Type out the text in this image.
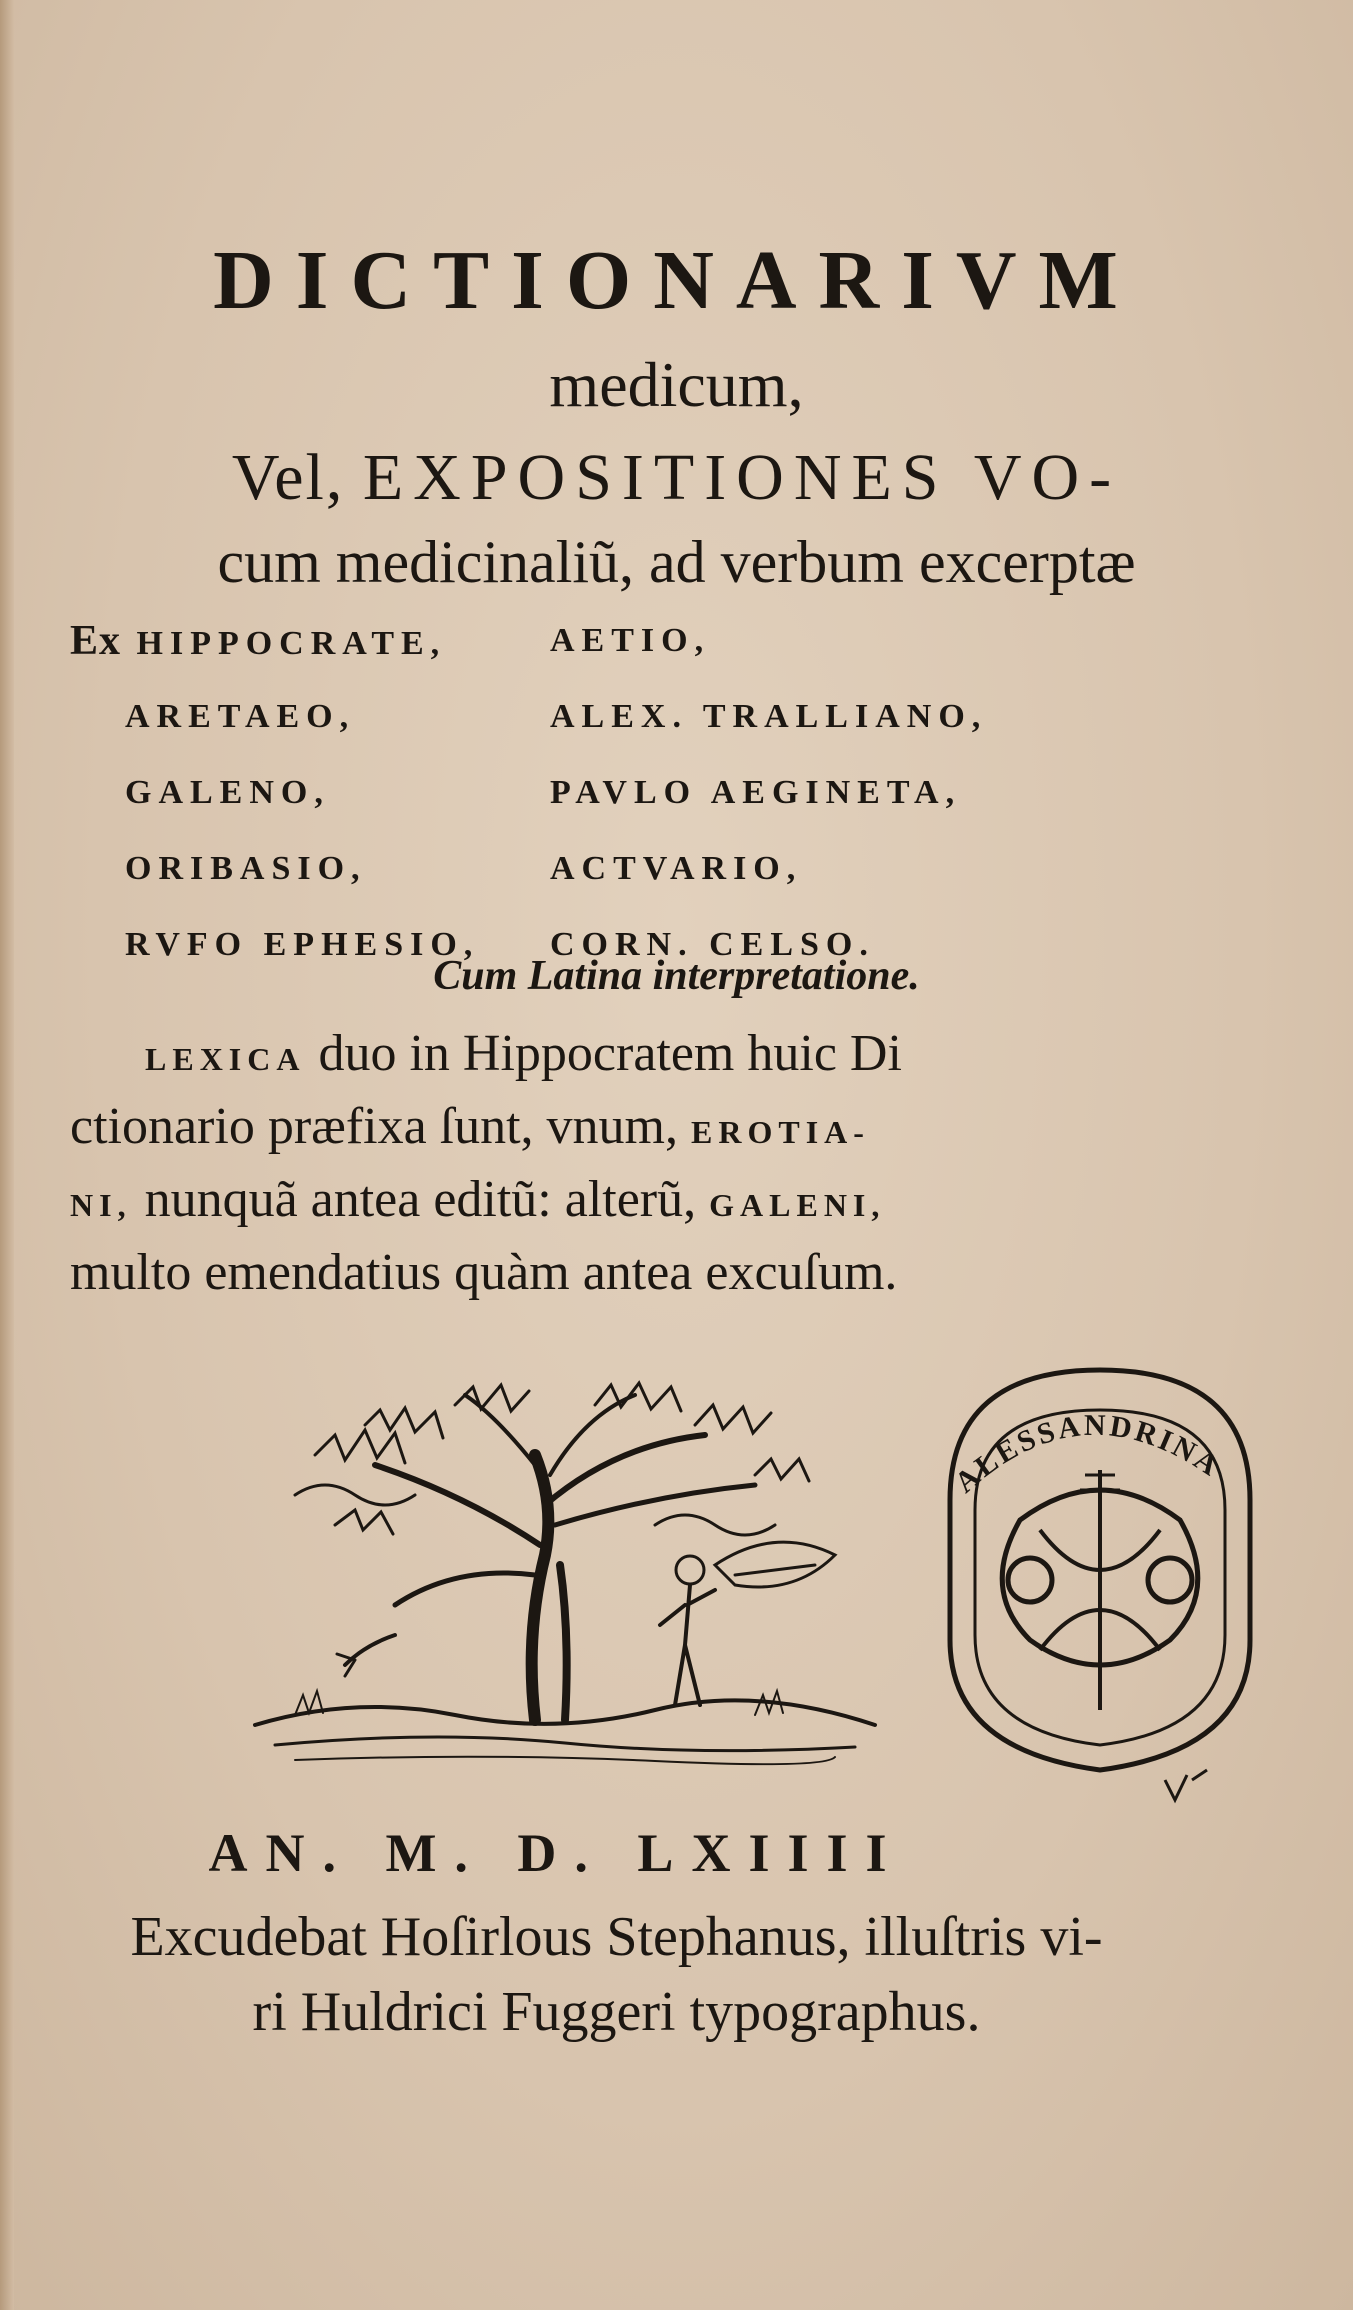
DICTIONARIVM
medicum,
Vel, EXPOSITIONES VO-
cum medicinaliũ, ad verbum excerptæ
Ex HIPPOCRATE,	AETIO,
ARETAEO,	ALEX. TRALLIANO,
GALENO,	PAVLO AEGINETA,
ORIBASIO,	ACTVARIO,
RVFO EPHESIO,	CORN. CELSO.
Cum Latina interpretatione.
LEXICA duo in Hippocratem huic Di
ctionario præfixa ſunt, vnum, EROTIA-
NI, nunquã antea editũ: alterũ, GALENI,
multo emendatius quàm antea excuſum.
ALESSANDRINA
AN. M. D. LXIIII
Excudebat Hoſirlous Stephanus, illuſtris vi-
ri Huldrici Fuggeri typographus.
